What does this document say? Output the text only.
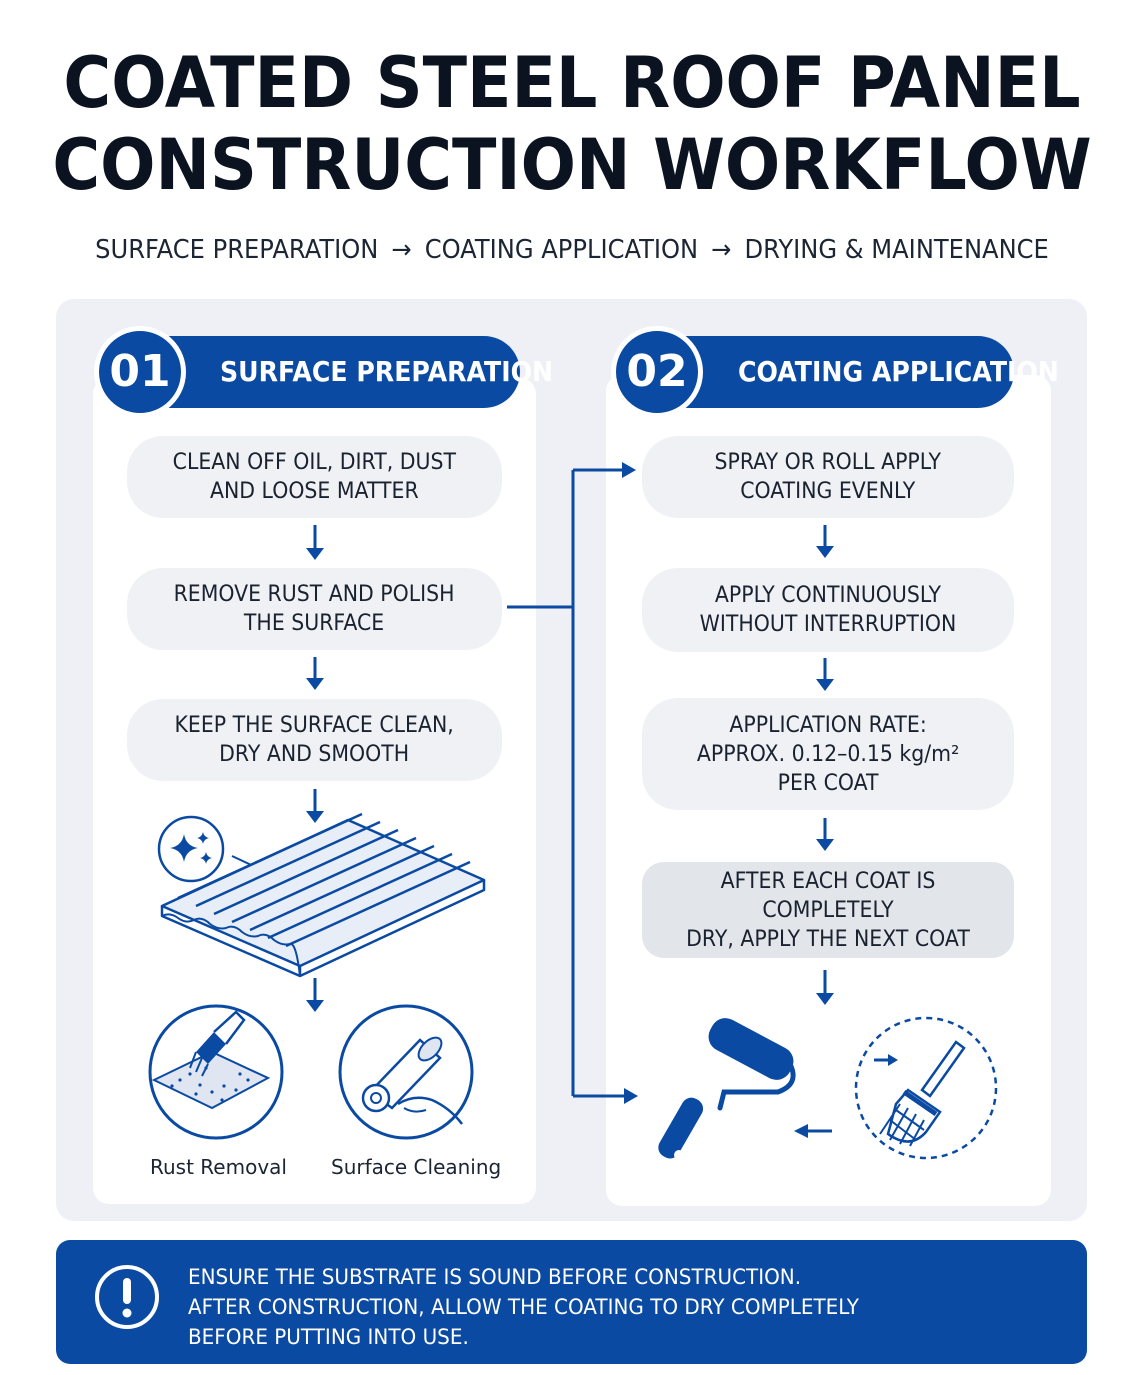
COATED STEEL ROOF PANEL
CONSTRUCTION WORKFLOW
SURFACE PREPARATION → COATING APPLICATION → DRYING & MAINTENANCE
SURFACE PREPARATION
01	COATING APPLICATION
02
CLEAN OFF OIL, DIRT, DUST
AND LOOSE MATTER
REMOVE RUST AND POLISH
THE SURFACE
KEEP THE SURFACE CLEAN,
DRY AND SMOOTH
SPRAY OR ROLL APPLY
COATING EVENLY
APPLY CONTINUOUSLY
WITHOUT INTERRUPTION
APPLICATION RATE:
APPROX. 0.12–0.15 kg/m²
PER COAT
AFTER EACH COAT IS COMPLETELY
DRY, APPLY THE NEXT COAT
Rust Removal Surface Cleaning
ENSURE THE SUBSTRATE IS SOUND BEFORE CONSTRUCTION.
AFTER CONSTRUCTION, ALLOW THE COATING TO DRY COMPLETELY
BEFORE PUTTING INTO USE.
